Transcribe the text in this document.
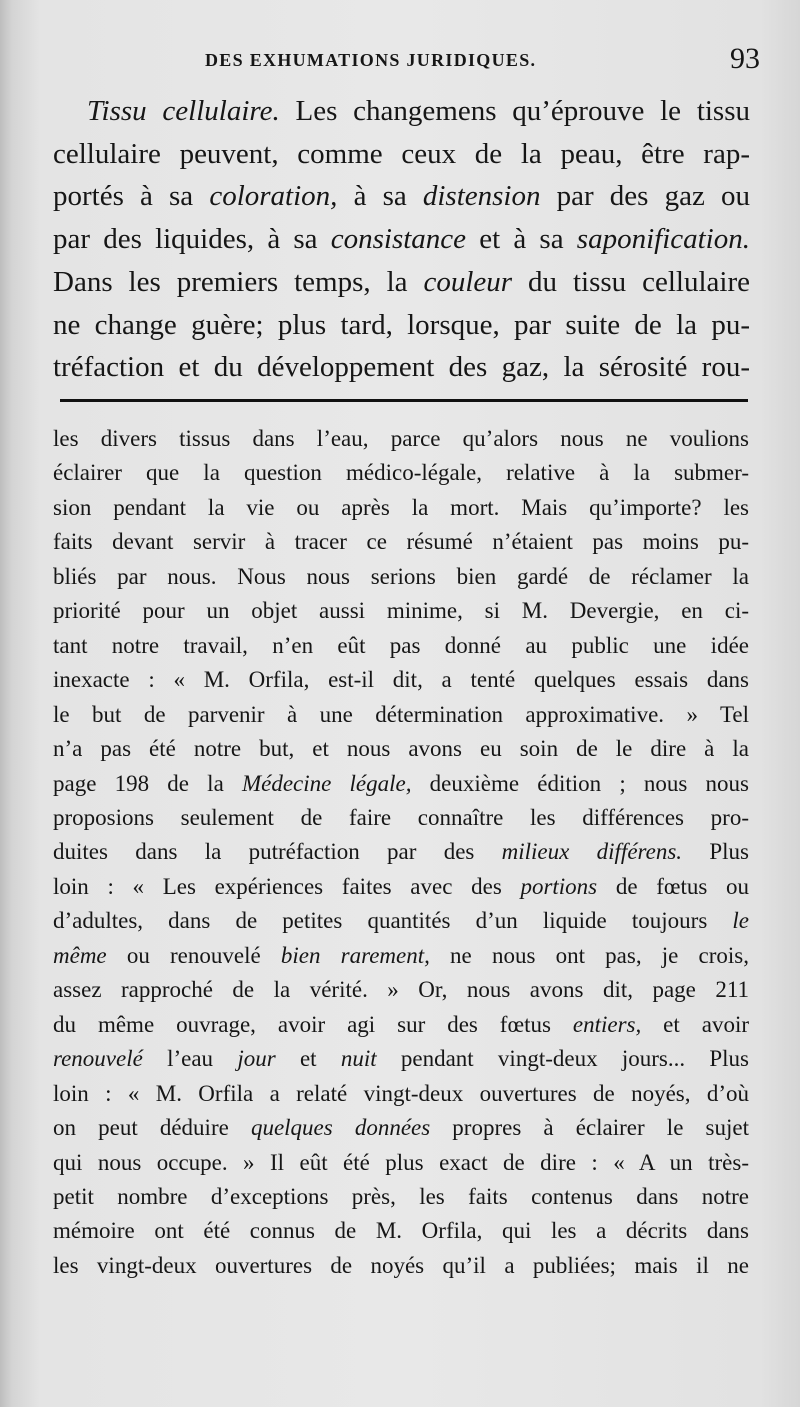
DES EXHUMATIONS JURIDIQUES.	93
Tissu cellulaire. Les changemens qu’éprouve le tissu
cellulaire peuvent, comme ceux de la peau, être rap-
portés à sa coloration, à sa distension par des gaz ou
par des liquides, à sa consistance et à sa saponification.
Dans les premiers temps, la couleur du tissu cellulaire
ne change guère; plus tard, lorsque, par suite de la pu-
tréfaction et du développement des gaz, la sérosité rou-
les divers tissus dans l’eau, parce qu’alors nous ne voulions
éclairer que la question médico-légale, relative à la submer-
sion pendant la vie ou après la mort. Mais qu’importe? les
faits devant servir à tracer ce résumé n’étaient pas moins pu-
bliés par nous. Nous nous serions bien gardé de réclamer la
priorité pour un objet aussi minime, si M. Devergie, en ci-
tant notre travail, n’en eût pas donné au public une idée
inexacte : « M. Orfila, est-il dit, a tenté quelques essais dans
le but de parvenir à une détermination approximative. » Tel
n’a pas été notre but, et nous avons eu soin de le dire à la
page 198 de la Médecine légale, deuxième édition ; nous nous
proposions seulement de faire connaître les différences pro-
duites dans la putréfaction par des milieux différens. Plus
loin : « Les expériences faites avec des portions de fœtus ou
d’adultes, dans de petites quantités d’un liquide toujours le
même ou renouvelé bien rarement, ne nous ont pas, je crois,
assez rapproché de la vérité. » Or, nous avons dit, page 211
du même ouvrage, avoir agi sur des fœtus entiers, et avoir
renouvelé l’eau jour et nuit pendant vingt-deux jours... Plus
loin : « M. Orfila a relaté vingt-deux ouvertures de noyés, d’où
on peut déduire quelques données propres à éclairer le sujet
qui nous occupe. » Il eût été plus exact de dire : « A un très-
petit nombre d’exceptions près, les faits contenus dans notre
mémoire ont été connus de M. Orfila, qui les a décrits dans
les vingt-deux ouvertures de noyés qu’il a publiées; mais il ne
